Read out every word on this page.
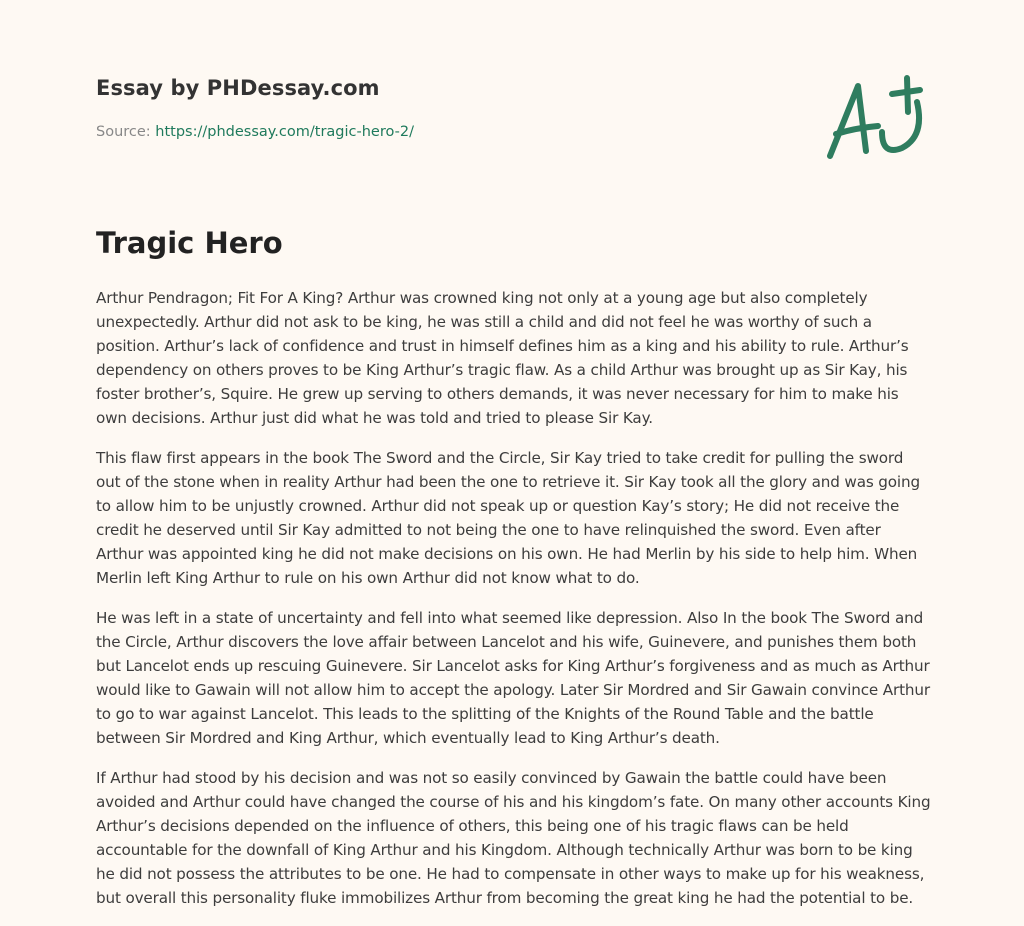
Essay by PHDessay.com
Source: https://phdessay.com/tragic-hero-2/
Tragic Hero

Arthur Pendragon; Fit For A King? Arthur was crowned king not only at a young age but also completely unexpectedly. Arthur did not ask to be king, he was still a child and did not feel he was worthy of such a position. Arthur’s lack of confidence and trust in himself defines him as a king and his ability to rule. Arthur’s dependency on others proves to be King Arthur’s tragic flaw. As a child Arthur was brought up as Sir Kay, his foster brother’s, Squire. He grew up serving to others demands, it was never necessary for him to make his own decisions. Arthur just did what he was told and tried to please Sir Kay.

This flaw first appears in the book The Sword and the Circle, Sir Kay tried to take credit for pulling the sword out of the stone when in reality Arthur had been the one to retrieve it. Sir Kay took all the glory and was going to allow him to be unjustly crowned. Arthur did not speak up or question Kay’s story; He did not receive the credit he deserved until Sir Kay admitted to not being the one to have relinquished the sword. Even after Arthur was appointed king he did not make decisions on his own. He had Merlin by his side to help him. When Merlin left King Arthur to rule on his own Arthur did not know what to do.

He was left in a state of uncertainty and fell into what seemed like depression. Also In the book The Sword and the Circle, Arthur discovers the love affair between Lancelot and his wife, Guinevere, and punishes them both but Lancelot ends up rescuing Guinevere. Sir Lancelot asks for King Arthur’s forgiveness and as much as Arthur would like to Gawain will not allow him to accept the apology. Later Sir Mordred and Sir Gawain convince Arthur to go to war against Lancelot. This leads to the splitting of the Knights of the Round Table and the battle between Sir Mordred and King Arthur, which eventually lead to King Arthur’s death.

If Arthur had stood by his decision and was not so easily convinced by Gawain the battle could have been avoided and Arthur could have changed the course of his and his kingdom’s fate. On many other accounts King Arthur’s decisions depended on the influence of others, this being one of his tragic flaws can be held accountable for the downfall of King Arthur and his Kingdom. Although technically Arthur was born to be king he did not possess the attributes to be one. He had to compensate in other ways to make up for his weakness, but overall this personality fluke immobilizes Arthur from becoming the great king he had the potential to be.
